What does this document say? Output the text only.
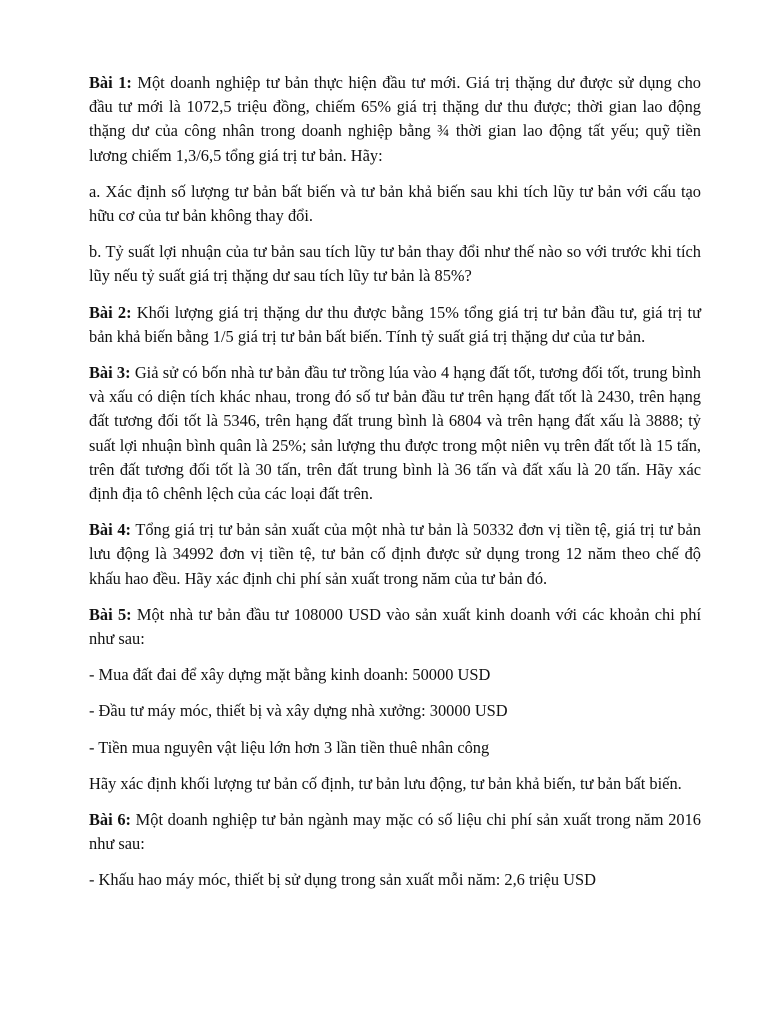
Bài 1: Một doanh nghiệp tư bản thực hiện đầu tư mới. Giá trị thặng dư được sử dụng cho đầu tư mới là 1072,5 triệu đồng, chiếm 65% giá trị thặng dư thu được; thời gian lao động thặng dư của công nhân trong doanh nghiệp bằng ¾ thời gian lao động tất yếu; quỹ tiền lương chiếm 1,3/6,5 tổng giá trị tư bản. Hãy:

a. Xác định số lượng tư bản bất biến và tư bản khả biến sau khi tích lũy tư bản với cấu tạo hữu cơ của tư bản không thay đổi.

b. Tỷ suất lợi nhuận của tư bản sau tích lũy tư bản thay đổi như thế nào so với trước khi tích lũy nếu tỷ suất giá trị thặng dư sau tích lũy tư bản là 85%?

Bài 2: Khối lượng giá trị thặng dư thu được bằng 15% tổng giá trị tư bản đầu tư, giá trị tư bản khả biến bằng 1/5 giá trị tư bản bất biến. Tính tỷ suất giá trị thặng dư của tư bản.

Bài 3: Giả sử có bốn nhà tư bản đầu tư trồng lúa vào 4 hạng đất tốt, tương đối tốt, trung bình và xấu có diện tích khác nhau, trong đó số tư bản đầu tư trên hạng đất tốt là 2430, trên hạng đất tương đối tốt là 5346, trên hạng đất trung bình là 6804 và trên hạng đất xấu là 3888; tỷ suất lợi nhuận bình quân là 25%; sản lượng thu được trong một niên vụ trên đất tốt là 15 tấn, trên đất tương đối tốt là 30 tấn, trên đất trung bình là 36 tấn và đất xấu là 20 tấn. Hãy xác định địa tô chênh lệch của các loại đất trên.

Bài 4: Tổng giá trị tư bản sản xuất của một nhà tư bản là 50332 đơn vị tiền tệ, giá trị tư bản lưu động là 34992 đơn vị tiền tệ, tư bản cố định được sử dụng trong 12 năm theo chế độ khấu hao đều. Hãy xác định chi phí sản xuất trong năm của tư bản đó.

Bài 5: Một nhà tư bản đầu tư 108000 USD vào sản xuất kinh doanh với các khoản chi phí như sau:

- Mua đất đai để xây dựng mặt bằng kinh doanh: 50000 USD

- Đầu tư máy móc, thiết bị và xây dựng nhà xưởng: 30000 USD

- Tiền mua nguyên vật liệu lớn hơn 3 lần tiền thuê nhân công

Hãy xác định khối lượng tư bản cố định, tư bản lưu động, tư bản khả biến, tư bản bất biến.

Bài 6: Một doanh nghiệp tư bản ngành may mặc có số liệu chi phí sản xuất trong năm 2016 như sau:

- Khấu hao máy móc, thiết bị sử dụng trong sản xuất mỗi năm: 2,6 triệu USD
